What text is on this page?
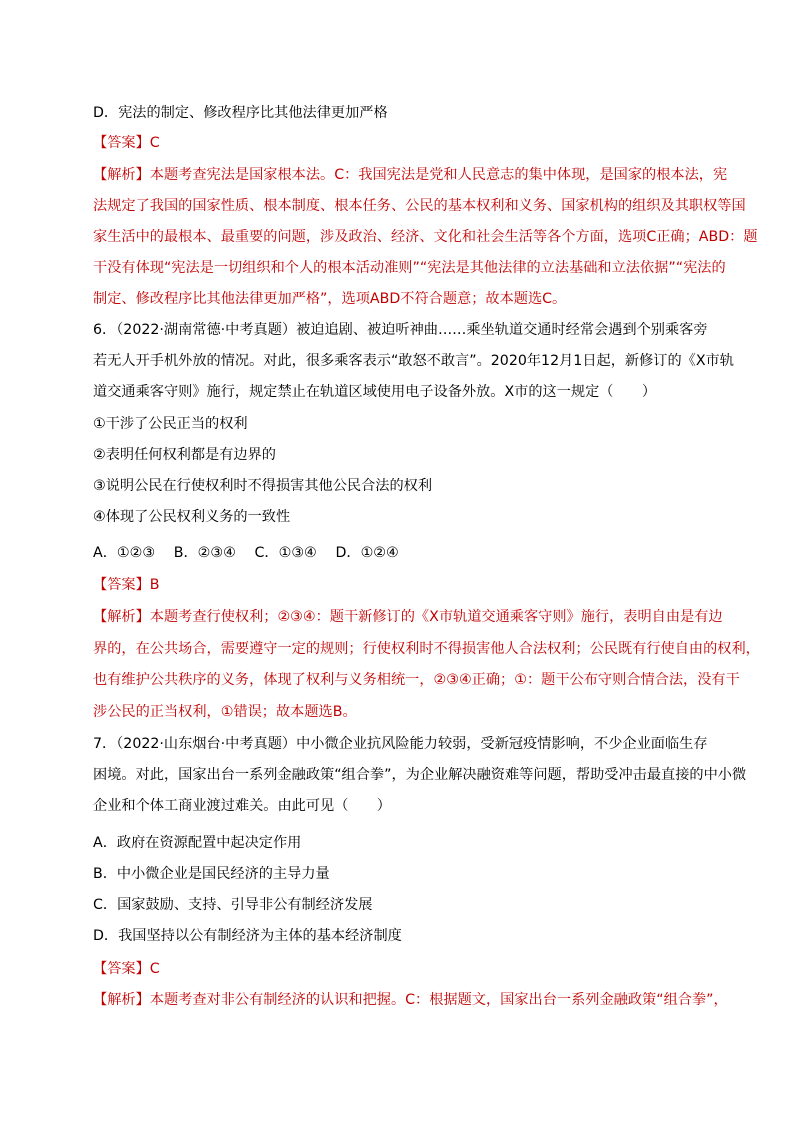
D．宪法的制定、修改程序比其他法律更加严格
【答案】C
【解析】本题考查宪法是国家根本法。C：我国宪法是党和人民意志的集中体现，是国家的根本法，宪
法规定了我国的国家性质、根本制度、根本任务、公民的基本权利和义务、国家机构的组织及其职权等国
家生活中的最根本、最重要的问题，涉及政治、经济、文化和社会生活等各个方面，选项C正确；ABD：题
干没有体现“宪法是一切组织和个人的根本活动准则”“宪法是其他法律的立法基础和立法依据”“宪法的
制定、修改程序比其他法律更加严格”，选项ABD不符合题意；故本题选C。
6．（2022·湖南常德·中考真题）被迫追剧、被迫听神曲……乘坐轨道交通时经常会遇到个别乘客旁
若无人开手机外放的情况。对此，很多乘客表示“敢怒不敢言”。2020年12月1日起，新修订的《X市轨
道交通乘客守则》施行，规定禁止在轨道区域使用电子设备外放。X市的这一规定（　　）
①干涉了公民正当的权利
②表明任何权利都是有边界的
③说明公民在行使权利时不得损害其他公民合法的权利
④体现了公民权利义务的一致性
A．①②③　 B．②③④　 C．①③④　 D．①②④
【答案】B
【解析】本题考查行使权利；②③④：题干新修订的《X市轨道交通乘客守则》施行，表明自由是有边
界的，在公共场合，需要遵守一定的规则；行使权利时不得损害他人合法权利；公民既有行使自由的权利，
也有维护公共秩序的义务，体现了权利与义务相统一，②③④正确；①：题干公布守则合情合法，没有干
涉公民的正当权利，①错误；故本题选B。
7．（2022·山东烟台·中考真题）中小微企业抗风险能力较弱，受新冠疫情影响，不少企业面临生存
困境。对此，国家出台一系列金融政策“组合拳”，为企业解决融资难等问题，帮助受冲击最直接的中小微
企业和个体工商业渡过难关。由此可见（　　）
A．政府在资源配置中起决定作用
B．中小微企业是国民经济的主导力量
C．国家鼓励、支持、引导非公有制经济发展
D．我国坚持以公有制经济为主体的基本经济制度
【答案】C
【解析】本题考查对非公有制经济的认识和把握。C：根据题文，国家出台一系列金融政策“组合拳”，
